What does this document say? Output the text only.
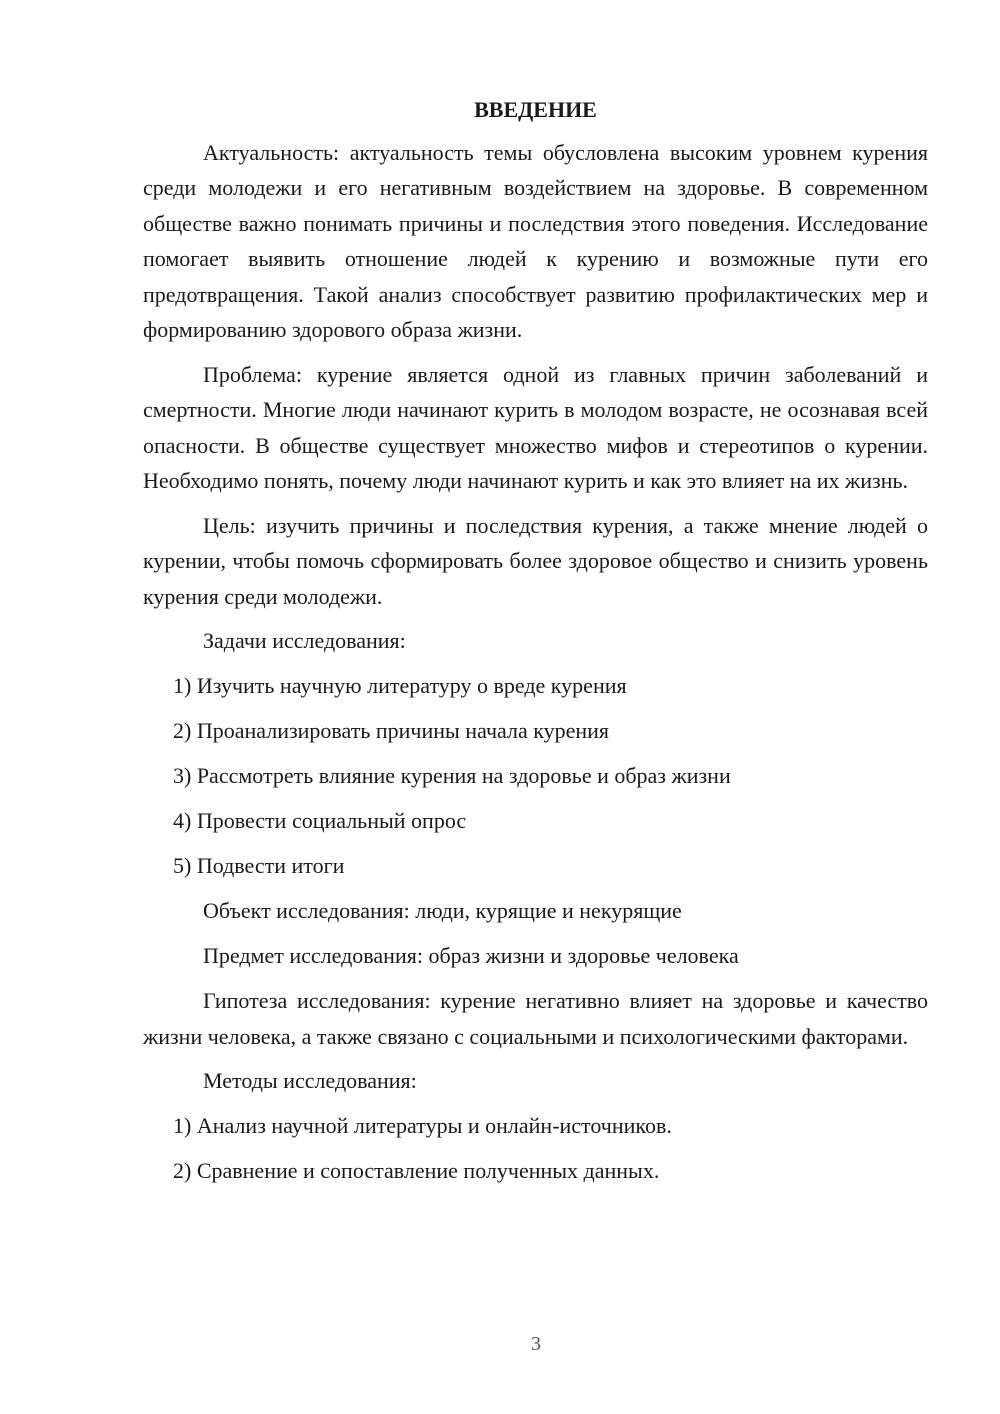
ВВЕДЕНИЕ

Актуальность: актуальность темы обусловлена высоким уровнем курения среди молодежи и его негативным воздействием на здоровье. В современном обществе важно понимать причины и последствия этого поведения. Исследование помогает выявить отношение людей к курению и возможные пути его предотвращения. Такой анализ способствует развитию профилактических мер и формированию здорового образа жизни.

Проблема: курение является одной из главных причин заболеваний и смертности. Многие люди начинают курить в молодом возрасте, не осознавая всей опасности. В обществе существует множество мифов и стереотипов о курении. Необходимо понять, почему люди начинают курить и как это влияет на их жизнь.

Цель: изучить причины и последствия курения, а также мнение людей о курении, чтобы помочь сформировать более здоровое общество и снизить уровень курения среди молодежи.

Задачи исследования:
1) Изучить научную литературу о вреде курения
2) Проанализировать причины начала курения
3) Рассмотреть влияние курения на здоровье и образ жизни
4) Провести социальный опрос
5) Подвести итоги
Объект исследования: люди, курящие и некурящие
Предмет исследования: образ жизни и здоровье человека

Гипотеза исследования: курение негативно влияет на здоровье и качество жизни человека, а также связано с социальными и психологическими факторами.

Методы исследования:
1) Анализ научной литературы и онлайн-источников.
2) Сравнение и сопоставление полученных данных.
3
